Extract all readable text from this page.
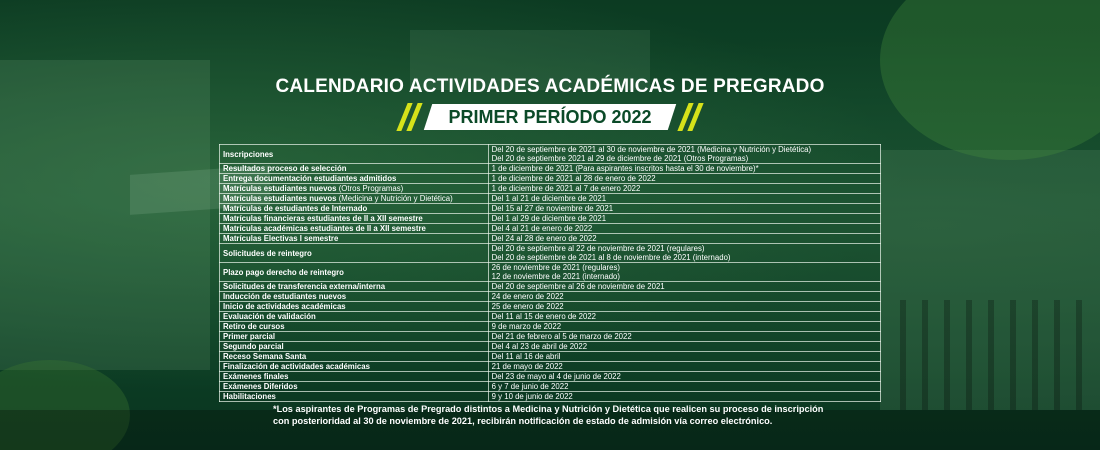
CALENDARIO ACTIVIDADES ACADÉMICAS DE PREGRADO
PRIMER PERÍODO 2022
Inscripciones	Del 20 de septiembre de 2021 al 30 de noviembre de 2021 (Medicina y Nutrición y Dietética)
Del 20 de septiembre 2021 al 29 de diciembre de 2021 (Otros Programas)

Resultados proceso de selección	1 de diciembre de 2021 (Para aspirantes inscritos hasta el 30 de noviembre)*

Entrega documentación estudiantes admitidos	1 de diciembre de 2021 al 28 de enero de 2022

Matrículas estudiantes nuevos (Otros Programas)	1 de diciembre de 2021 al 7 de enero 2022

Matrículas estudiantes nuevos (Medicina y Nutrición y Dietética)	Del 1 al 21 de diciembre de 2021

Matrículas de estudiantes de Internado	Del 15 al 27 de noviembre de 2021

Matrículas financieras estudiantes de II a XII semestre	Del 1 al 29 de diciembre de 2021

Matrículas académicas estudiantes de II a XII semestre	Del 4 al 21 de enero de 2022

Matrículas Electivas I semestre	Del 24 al 28 de enero de 2022

Solicitudes de reintegro	Del 20 de septiembre al 22 de noviembre de 2021 (regulares)
Del 20 de septiembre de 2021 al 8 de noviembre de 2021 (internado)

Plazo pago derecho de reintegro	26 de noviembre de 2021 (regulares)
12 de noviembre de 2021 (internado)

Solicitudes de transferencia externa/interna	Del 20 de septiembre al 26 de noviembre de 2021

Inducción de estudiantes nuevos	24 de enero de 2022

Inicio de actividades académicas	25 de enero de 2022

Evaluación de validación	Del 11 al 15 de enero de 2022

Retiro de cursos	9 de marzo de 2022

Primer parcial	Del 21 de febrero al 5 de marzo de 2022

Segundo parcial	Del 4 al 23 de abril de 2022

Receso Semana Santa	Del 11 al 16 de abril

Finalización de actividades académicas	21 de mayo de 2022

Exámenes finales	Del 23 de mayo al 4 de junio de 2022

Exámenes Diferidos	6 y 7 de junio de 2022

Habilitaciones	9 y 10 de junio de 2022
*Los aspirantes de Programas de Pregrado distintos a Medicina y Nutrición y Dietética que realicen su proceso de inscripción
con posterioridad al 30 de noviembre de 2021, recibirán notificación de estado de admisión vía correo electrónico.
